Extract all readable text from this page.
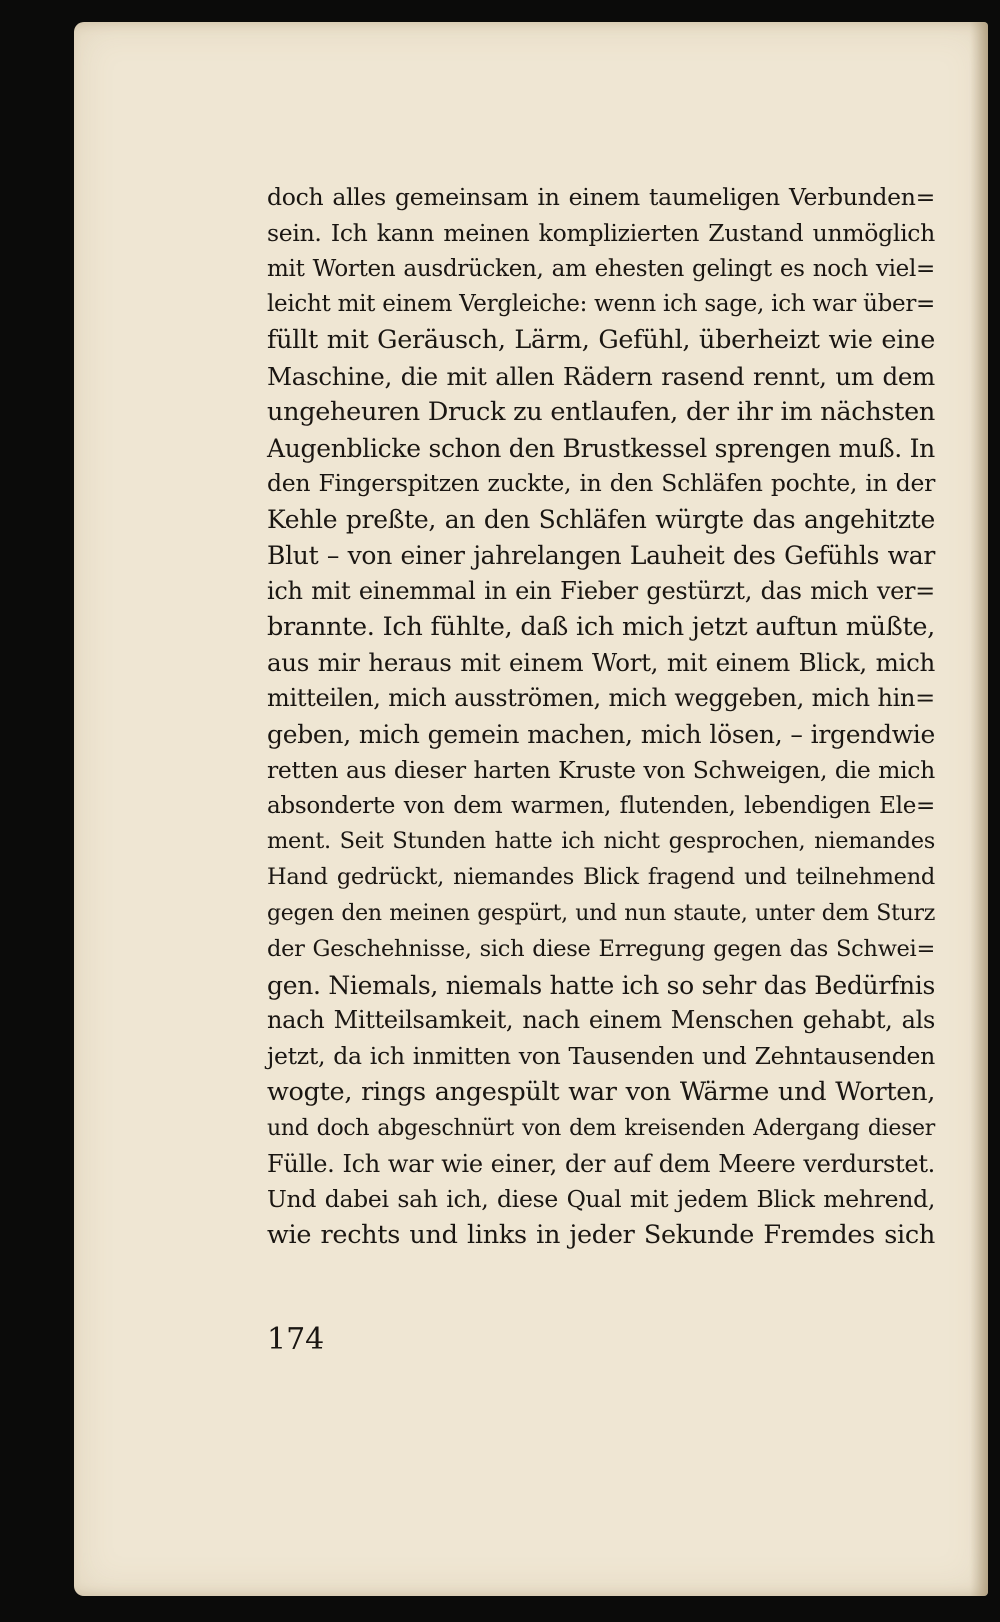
doch alles gemeinsam in einem taumeligen Verbunden=
sein. Ich kann meinen komplizierten Zustand unmöglich
mit Worten ausdrücken, am ehesten gelingt es noch viel=
leicht mit einem Vergleiche: wenn ich sage, ich war über=
füllt mit Geräusch, Lärm, Gefühl, überheizt wie eine
Maschine, die mit allen Rädern rasend rennt, um dem
ungeheuren Druck zu entlaufen, der ihr im nächsten
Augenblicke schon den Brustkessel sprengen muß. In
den Fingerspitzen zuckte, in den Schläfen pochte, in der
Kehle preßte, an den Schläfen würgte das angehitzte
Blut – von einer jahrelangen Lauheit des Gefühls war
ich mit einemmal in ein Fieber gestürzt, das mich ver=
brannte. Ich fühlte, daß ich mich jetzt auftun müßte,
aus mir heraus mit einem Wort, mit einem Blick, mich
mitteilen, mich ausströmen, mich weggeben, mich hin=
geben, mich gemein machen, mich lösen, – irgendwie
retten aus dieser harten Kruste von Schweigen, die mich
absonderte von dem warmen, flutenden, lebendigen Ele=
ment. Seit Stunden hatte ich nicht gesprochen, niemandes
Hand gedrückt, niemandes Blick fragend und teilnehmend
gegen den meinen gespürt, und nun staute, unter dem Sturz
der Geschehnisse, sich diese Erregung gegen das Schwei=
gen. Niemals, niemals hatte ich so sehr das Bedürfnis
nach Mitteilsamkeit, nach einem Menschen gehabt, als
jetzt, da ich inmitten von Tausenden und Zehntausenden
wogte, rings angespült war von Wärme und Worten,
und doch abgeschnürt von dem kreisenden Adergang dieser
Fülle. Ich war wie einer, der auf dem Meere verdurstet.
Und dabei sah ich, diese Qual mit jedem Blick mehrend,
wie rechts und links in jeder Sekunde Fremdes sich
174
